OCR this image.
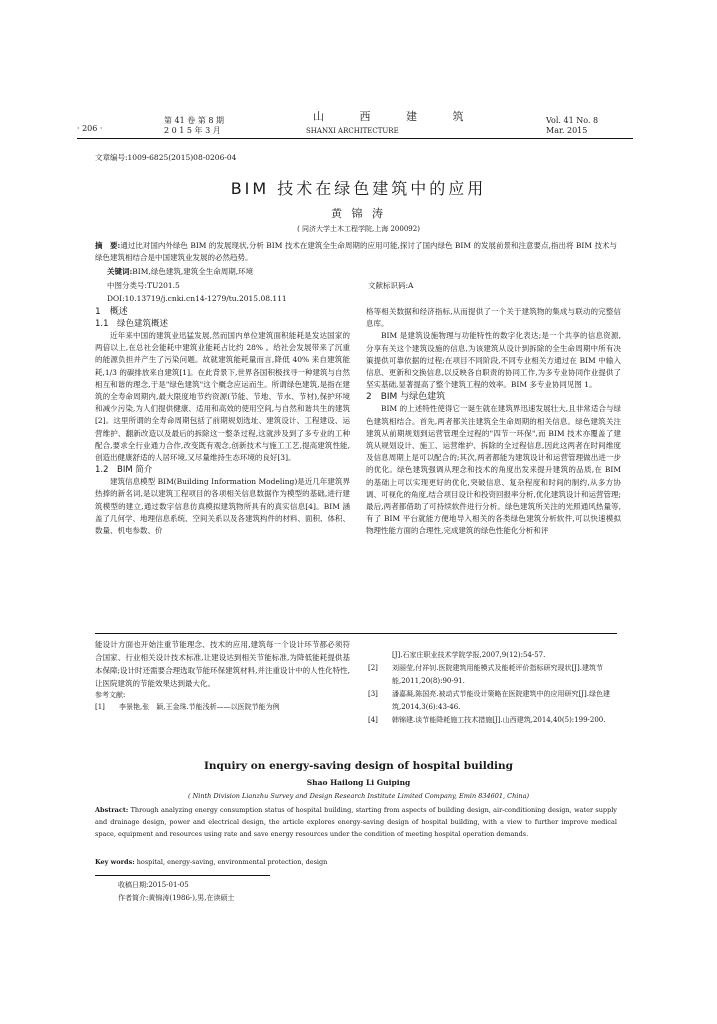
· 206 ·
第 41 卷 第 8 期
2 0 1 5 年 3 月
山 西 建 筑
SHANXI ARCHITECTURE
Vol. 41 No. 8
Mar. 2015
文章编号:1009-6825(2015)08-0206-04
BIM 技术在绿色建筑中的应用
黄 锦 涛
( 同济大学土木工程学院,上海 200092)
摘　要:通过比对国内外绿色 BIM 的发展现状,分析 BIM 技术在建筑全生命周期的应用可能,探讨了国内绿色 BIM 的发展前景和注意要点,指出将 BIM 技术与绿色建筑相结合是中国建筑业发展的必然趋势。
关键词:BIM,绿色建筑,建筑全生命周期,环境
中图分类号:TU201.5	文献标识码:A
DOI:10.13719/j.cnki.cn14-1279/tu.2015.08.111
1　概述
1.1　绿色建筑概述

近年来中国的建筑业迅猛发展,然而国内单位建筑面积能耗是发达国家的两倍以上,在总社会能耗中建筑业能耗占比约 28% 。给社会发展带来了沉重的能源负担并产生了污染问题。故就建筑能耗量而言,降低 40% 来自建筑能耗,1/3 的碳排放来自建筑[1]。在此背景下,世界各国积极找寻一种建筑与自然相互和谐的理念,于是"绿色建筑"这个概念应运而生。所谓绿色建筑,是指在建筑的全寿命周期内,最大限度地节约资源(节能、节地、节水、节材),保护环境和减少污染,为人们提供健康、适用和高效的使用空间,与自然和谐共生的建筑[2]。这里所谓的全寿命周期包括了前期规划选址、建筑设计、工程建设、运营维护、翻新改造以及最后的拆除这一整条过程,这就涉及到了多专业的工种配合,要求全行业通力合作,改变既有观念,创新技术与施工工艺,提高建筑性能,创造出健康舒适的人居环境,又尽量维持生态环境的良好[3]。

1.2　BIM 简介

建筑信息模型 BIM(Building Information Modeling)是近几年建筑界热捧的新名词,是以建筑工程项目的各项相关信息数据作为模型的基础,进行建筑模型的建立,通过数字信息仿真模拟建筑物所具有的真实信息[4]。BIM 涵盖了几何学、地理信息系统、空间关系以及各建筑构件的材料、面积、体积、数量、机电参数、价

格等相关数据和经济指标,从而提供了一个关于建筑物的集成与联动的完整信息库。

BIM 是建筑设施物理与功能特性的数字化表达;是一个共享的信息资源,分享有关这个建筑设施的信息,为该建筑从设计到拆除的全生命周期中所有决策提供可靠依据的过程;在项目不同阶段,不同专业相关方通过在 BIM 中输入信息、更新和交换信息,以反映各自职责的协同工作,为多专业协同作业提供了坚实基础,显著提高了整个建筑工程的效率。BIM 多专业协同见图 1。

2　BIM 与绿色建筑

BIM 的上述特性使得它一诞生就在建筑界迅速发展壮大,且非常适合与绿色建筑相结合。首先,两者都关注建筑全生命周期的相关信息。绿色建筑关注建筑从前期规划到运营管理全过程的"四节一环保",而 BIM 技术亦覆盖了建筑从规划设计、施工、运营维护、拆除的全过程信息,因此这两者在时间维度及信息周期上是可以配合的;其次,两者都能为建筑设计和运营管理做出进一步的优化。绿色建筑强调从理念和技术的角度出发来提升建筑的品质,在 BIM 的基础上可以实现更好的优化,突破信息、复杂程度和时间的制约,从多方协调、可视化的角度,结合项目设计和投资回报率分析,优化建筑设计和运营管理;最后,两者都借助了可持续软件进行分析。绿色建筑所关注的光照通风热量等,有了 BIM 平台就能方便地导入相关的各类绿色建筑分析软件,可以快速模拟物理性能方面的合理性,完成建筑的绿色性能化分析和评

能设计方面也开始注重节能理念、技术的应用,建筑每一个设计环节都必须符合国家、行业相关设计技术标准,让建设达到相关节能标准,为降低能耗提供基本保障;设计时还需要合理选取节能环保建筑材料,并注重设计中的人性化特性,让医院建筑的节能效果达到最大化。

参考文献:
[1]	李景艳,张　颖,王金珠.节能浅析——以医院节能为例
[J].石家庄职业技术学院学报,2007,9(12):54-57.
[2]	刘丽莹,付祥钊.医院建筑用能模式及能耗评价指标研究现状[J].建筑节能,2011,20(8):90-91.
[3]	潘嘉凝,陈国亮.被动式节能设计策略在医院建筑中的应用研究[J].绿色建筑,2014,3(6):43-46.
[4]	韩锦建.谈节能降耗施工技术措施[J].山西建筑,2014,40(5):199-200.
Inquiry on energy-saving design of hospital building
Shao Hailong Li Guiping
( Ninth Division Lianzhu Survey and Design Research Institute Limited Company, Emin 834601, China)
Abstract: Through analyzing energy consumption status of hospital building, starting from aspects of building design, air-conditioning design, water supply and drainage design, power and electrical design, the article explores energy-saving design of hospital building, with a view to further improve medical space, equipment and resources using rate and save energy resources under the condition of meeting hospital operation demands.
Key words: hospital, energy-saving, environmental protection, design
收稿日期:2015-01-05
作者简介:黄锦涛(1986-),男,在读硕士
